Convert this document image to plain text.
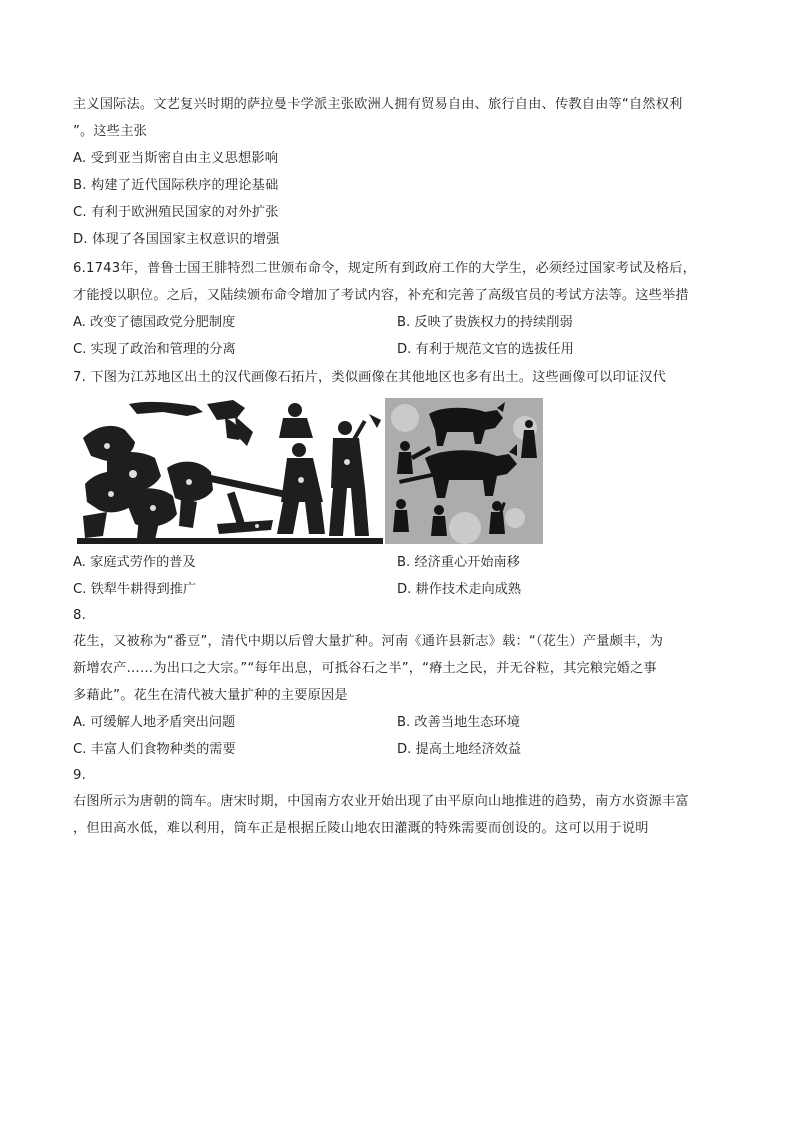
主义国际法。文艺复兴时期的萨拉曼卡学派主张欧洲人拥有贸易自由、旅行自由、传教自由等“自然权利
”。这些主张
A. 受到亚当斯密自由主义思想影响
B. 构建了近代国际秩序的理论基础
C. 有利于欧洲殖民国家的对外扩张
D. 体现了各国国家主权意识的增强
6.1743年，普鲁士国王腓特烈二世颁布命令，规定所有到政府工作的大学生，必须经过国家考试及格后，
才能授以职位。之后，又陆续颁布命令增加了考试内容，补充和完善了高级官员的考试方法等。这些举措
A. 改变了德国政党分肥制度	B. 反映了贵族权力的持续削弱
C. 实现了政治和管理的分离	D. 有利于规范文官的选拔任用
7. 下图为江苏地区出土的汉代画像石拓片，类似画像在其他地区也多有出土。这些画像可以印证汉代
A. 家庭式劳作的普及	B. 经济重心开始南移
C. 铁犁牛耕得到推广	D. 耕作技术走向成熟
8.
花生，又被称为“番豆”，清代中期以后曾大量扩种。河南《通许县新志》载：“（花生）产量颇丰，为
新增农产……为出口之大宗。”“每年出息，可抵谷石之半”，“瘠土之民，并无谷粒，其完粮完婚之事
多藉此”。花生在清代被大量扩种的主要原因是
A. 可缓解人地矛盾突出问题	B. 改善当地生态环境
C. 丰富人们食物种类的需要	D. 提高土地经济效益
9.
右图所示为唐朝的筒车。唐宋时期，中国南方农业开始出现了由平原向山地推进的趋势，南方水资源丰富
，但田高水低，难以利用，筒车正是根据丘陵山地农田灌溉的特殊需要而创设的。这可以用于说明
